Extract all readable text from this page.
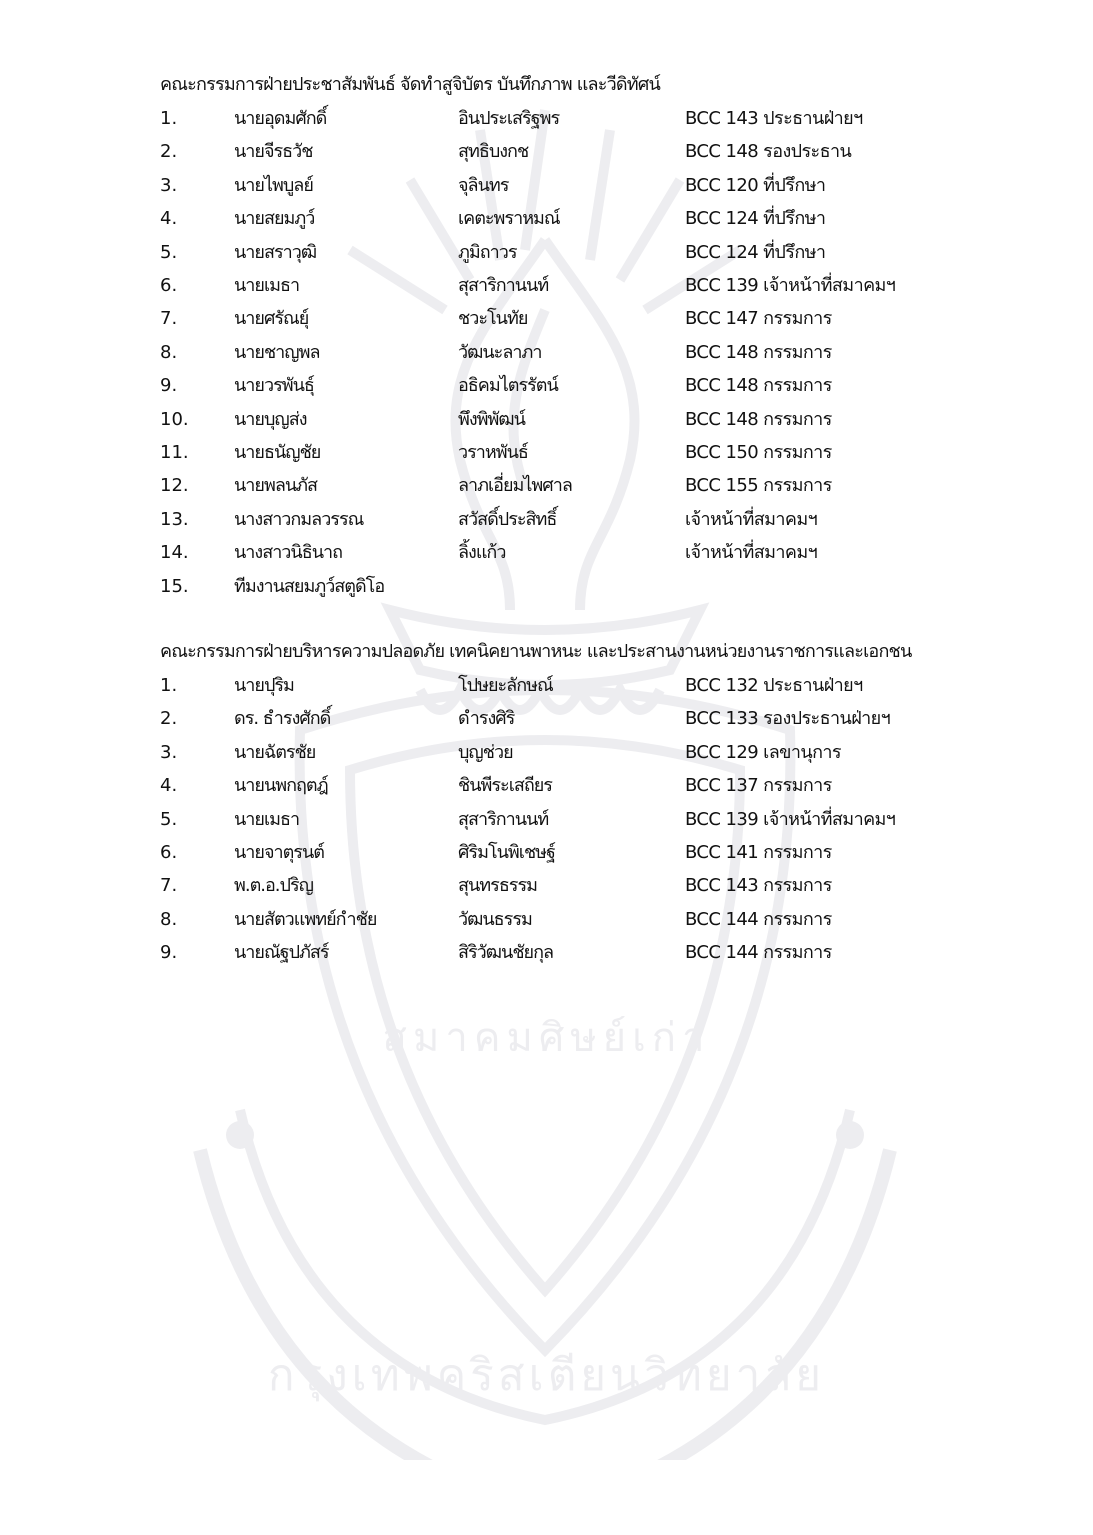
สมาคมศิษย์เก่า
กรุงเทพคริสเตียนวิทยาลัย
คณะกรรมการฝ่ายประชาสัมพันธ์ จัดทำสูจิบัตร บันทึกภาพ และวีดิทัศน์
1.	นายอุดมศักดิ์	อินประเสริฐพร	BCC 143 ประธานฝ่ายฯ
2.	นายจีรธวัช	สุทธิบงกช	BCC 148 รองประธาน
3.	นายไพบูลย์	จุลินทร	BCC 120 ที่ปรึกษา
4.	นายสยมภูว์	เคตะพราหมณ์	BCC 124 ที่ปรึกษา
5.	นายสราวุฒิ	ภูมิถาวร	BCC 124 ที่ปรึกษา
6.	นายเมธา	สุสาริกานนท์	BCC 139 เจ้าหน้าที่สมาคมฯ
7.	นายศรัณยุ์	ชวะโนทัย	BCC 147 กรรมการ
8.	นายชาญพล	วัฒนะลาภา	BCC 148 กรรมการ
9.	นายวรพันธุ์	อธิคมไตรรัตน์	BCC 148 กรรมการ
10.	นายบุญส่ง	พึงพิพัฒน์	BCC 148 กรรมการ
11.	นายธนัญชัย	วราหพันธ์	BCC 150 กรรมการ
12.	นายพลนภัส	ลาภเอี่ยมไพศาล	BCC 155 กรรมการ
13.	นางสาวกมลวรรณ	สวัสดิ์ประสิทธิ์	เจ้าหน้าที่สมาคมฯ
14.	นางสาวนิธินาถ	ลิ้งแก้ว	เจ้าหน้าที่สมาคมฯ
15.	ทีมงานสยมภูว์สตูดิโอ
คณะกรรมการฝ่ายบริหารความปลอดภัย เทคนิคยานพาหนะ และประสานงานหน่วยงานราชการและเอกชน
1.	นายปุริม	โปษยะลักษณ์	BCC 132 ประธานฝ่ายฯ
2.	ดร. ธำรงศักดิ์	ดำรงศิริ	BCC 133 รองประธานฝ่ายฯ
3.	นายฉัตรชัย	บุญช่วย	BCC 129 เลขานุการ
4.	นายนพกฤตฎ์	ชินพีระเสถียร	BCC 137 กรรมการ
5.	นายเมธา	สุสาริกานนท์	BCC 139 เจ้าหน้าที่สมาคมฯ
6.	นายจาตุรนต์	ศิริมโนพิเชษฐ์	BCC 141 กรรมการ
7.	พ.ต.อ.ปริญ	สุนทรธรรม	BCC 143 กรรมการ
8.	นายสัตวแพทย์กำชัย	วัฒนธรรม	BCC 144 กรรมการ
9.	นายณัฐปภัสร์	สิริวัฒนชัยกุล	BCC 144 กรรมการ
